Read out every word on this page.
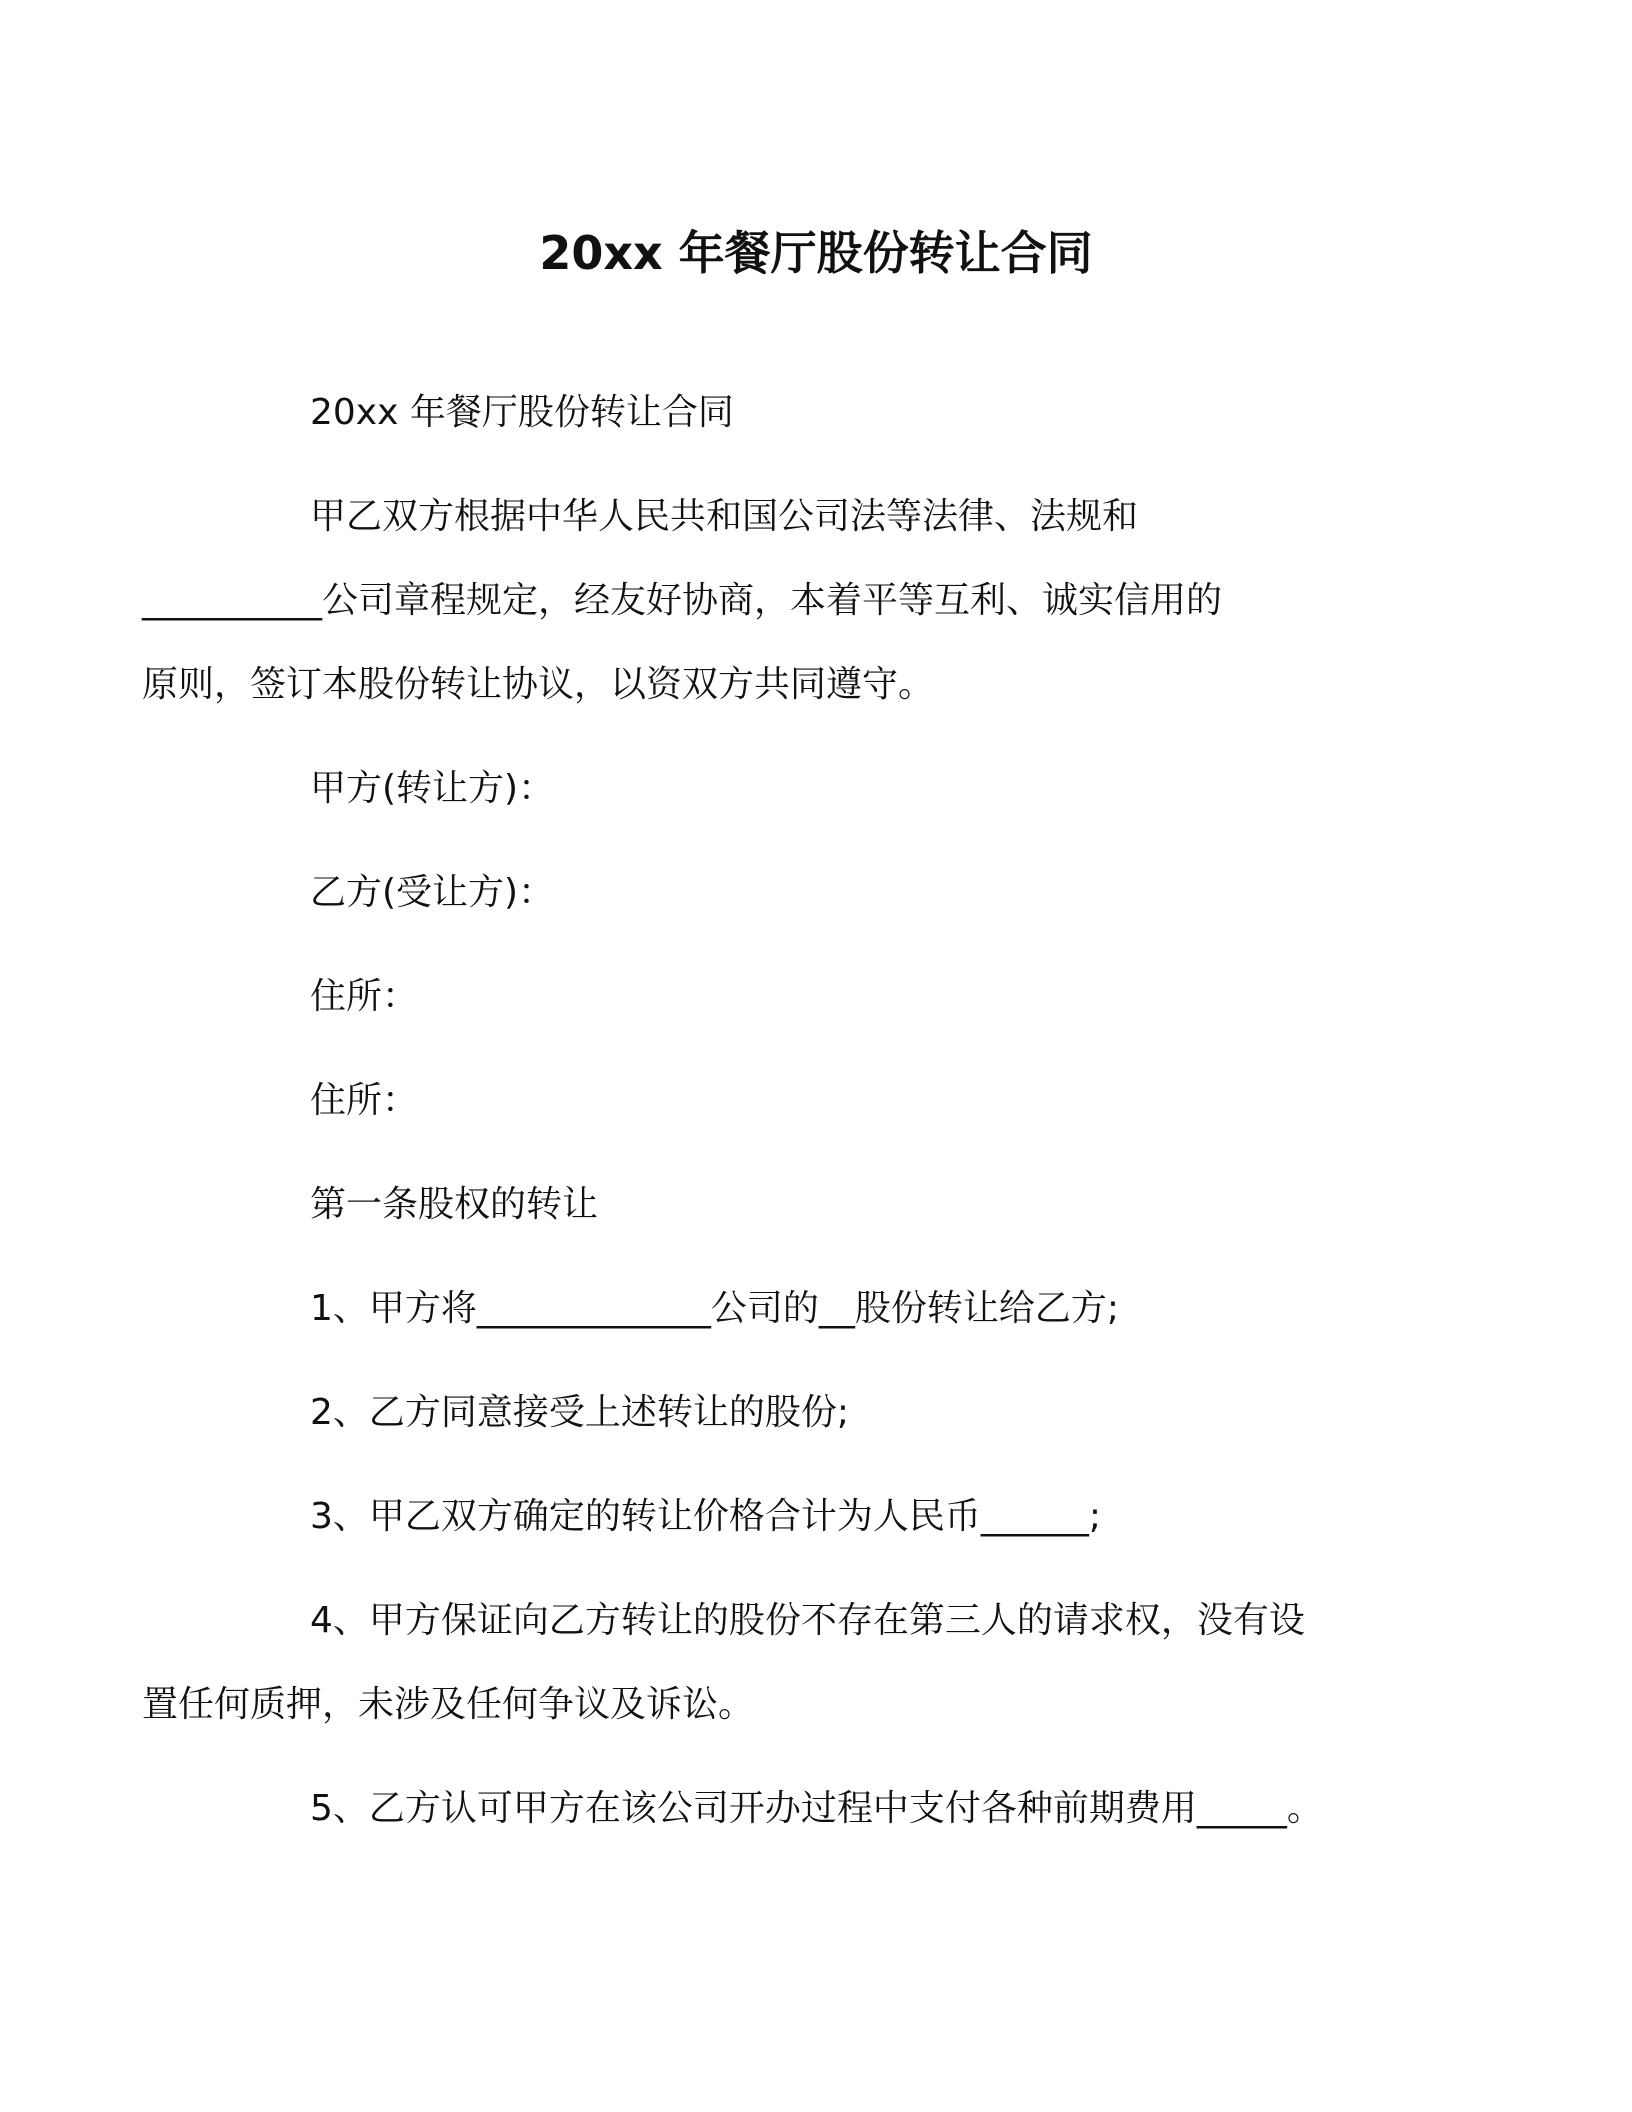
20xx 年餐厅股份转让合同

20xx 年餐厅股份转让合同

甲乙双方根据中华人民共和国公司法等法律、法规和
__________公司章程规定，经友好协商，本着平等互利、诚实信用的
原则，签订本股份转让协议，以资双方共同遵守。

甲方(转让方)：

乙方(受让方)：

住所：

住所：

第一条股权的转让

1、甲方将_____________公司的__股份转让给乙方;

2、乙方同意接受上述转让的股份;

3、甲乙双方确定的转让价格合计为人民币______;

4、甲方保证向乙方转让的股份不存在第三人的请求权，没有设
置任何质押，未涉及任何争议及诉讼。

5、乙方认可甲方在该公司开办过程中支付各种前期费用_____。
